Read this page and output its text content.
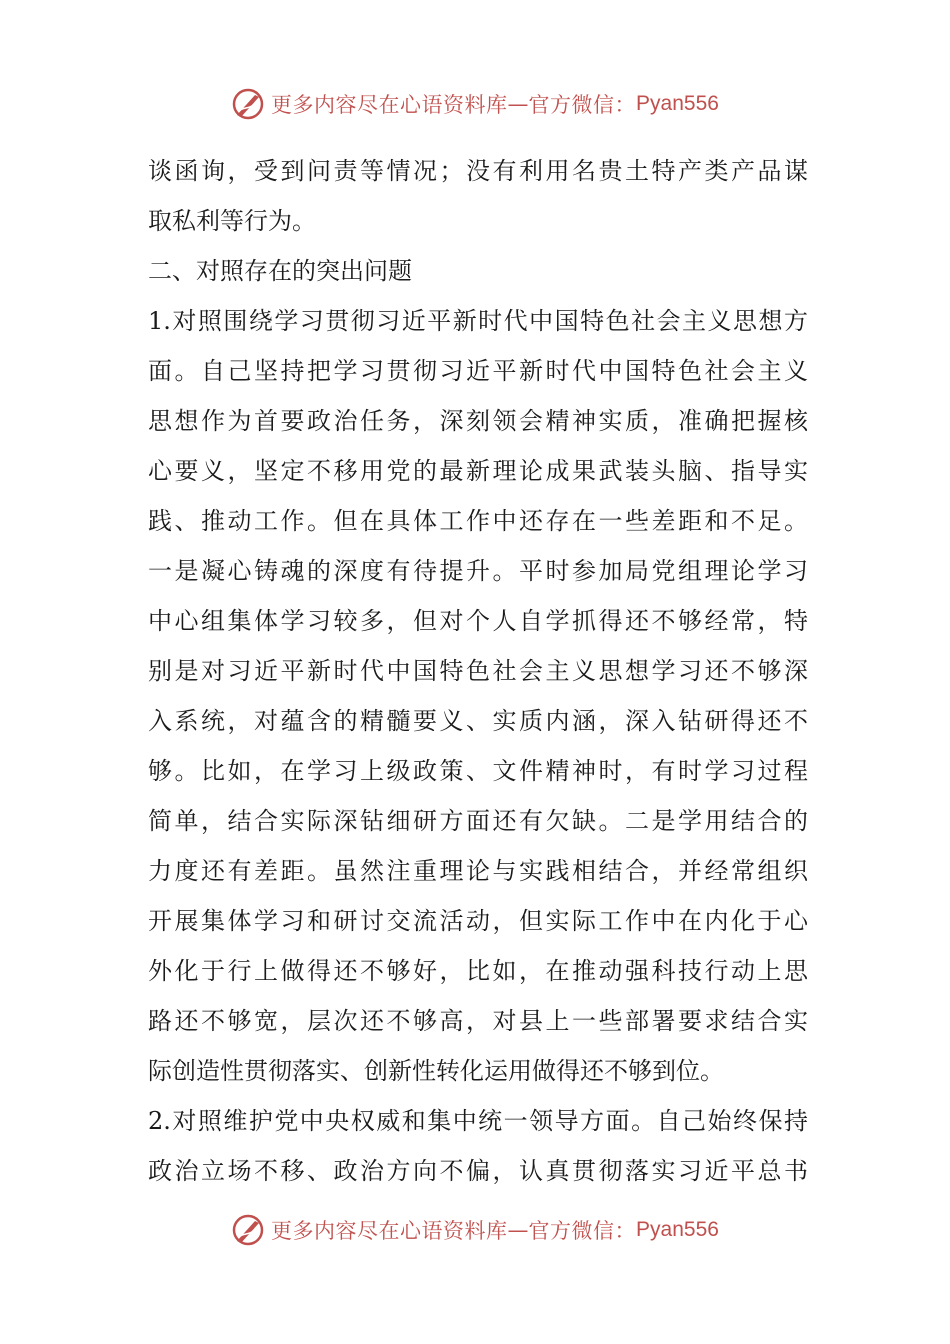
更多内容尽在心语资料库 — 官方微信： Pyan556
谈函询，受到问责等情况；没有利用名贵土特产类产品谋
取私利等行为。
二、对照存在的突出问题
1.对照围绕学习贯彻习近平新时代中国特色社会主义思想方
面。自己坚持把学习贯彻习近平新时代中国特色社会主义
思想作为首要政治任务，深刻领会精神实质，准确把握核
心要义，坚定不移用党的最新理论成果武装头脑、指导实
践、推动工作。但在具体工作中还存在一些差距和不足。
一是凝心铸魂的深度有待提升。平时参加局党组理论学习
中心组集体学习较多，但对个人自学抓得还不够经常，特
别是对习近平新时代中国特色社会主义思想学习还不够深
入系统，对蕴含的精髓要义、实质内涵，深入钻研得还不
够。比如，在学习上级政策、文件精神时，有时学习过程
简单，结合实际深钻细研方面还有欠缺。二是学用结合的
力度还有差距。虽然注重理论与实践相结合，并经常组织
开展集体学习和研讨交流活动，但实际工作中在内化于心
外化于行上做得还不够好，比如，在推动强科技行动上思
路还不够宽，层次还不够高，对县上一些部署要求结合实
际创造性贯彻落实、创新性转化运用做得还不够到位。
2.对照维护党中央权威和集中统一领导方面。自己始终保持
政治立场不移、政治方向不偏，认真贯彻落实习近平总书
更多内容尽在心语资料库 — 官方微信： Pyan556
